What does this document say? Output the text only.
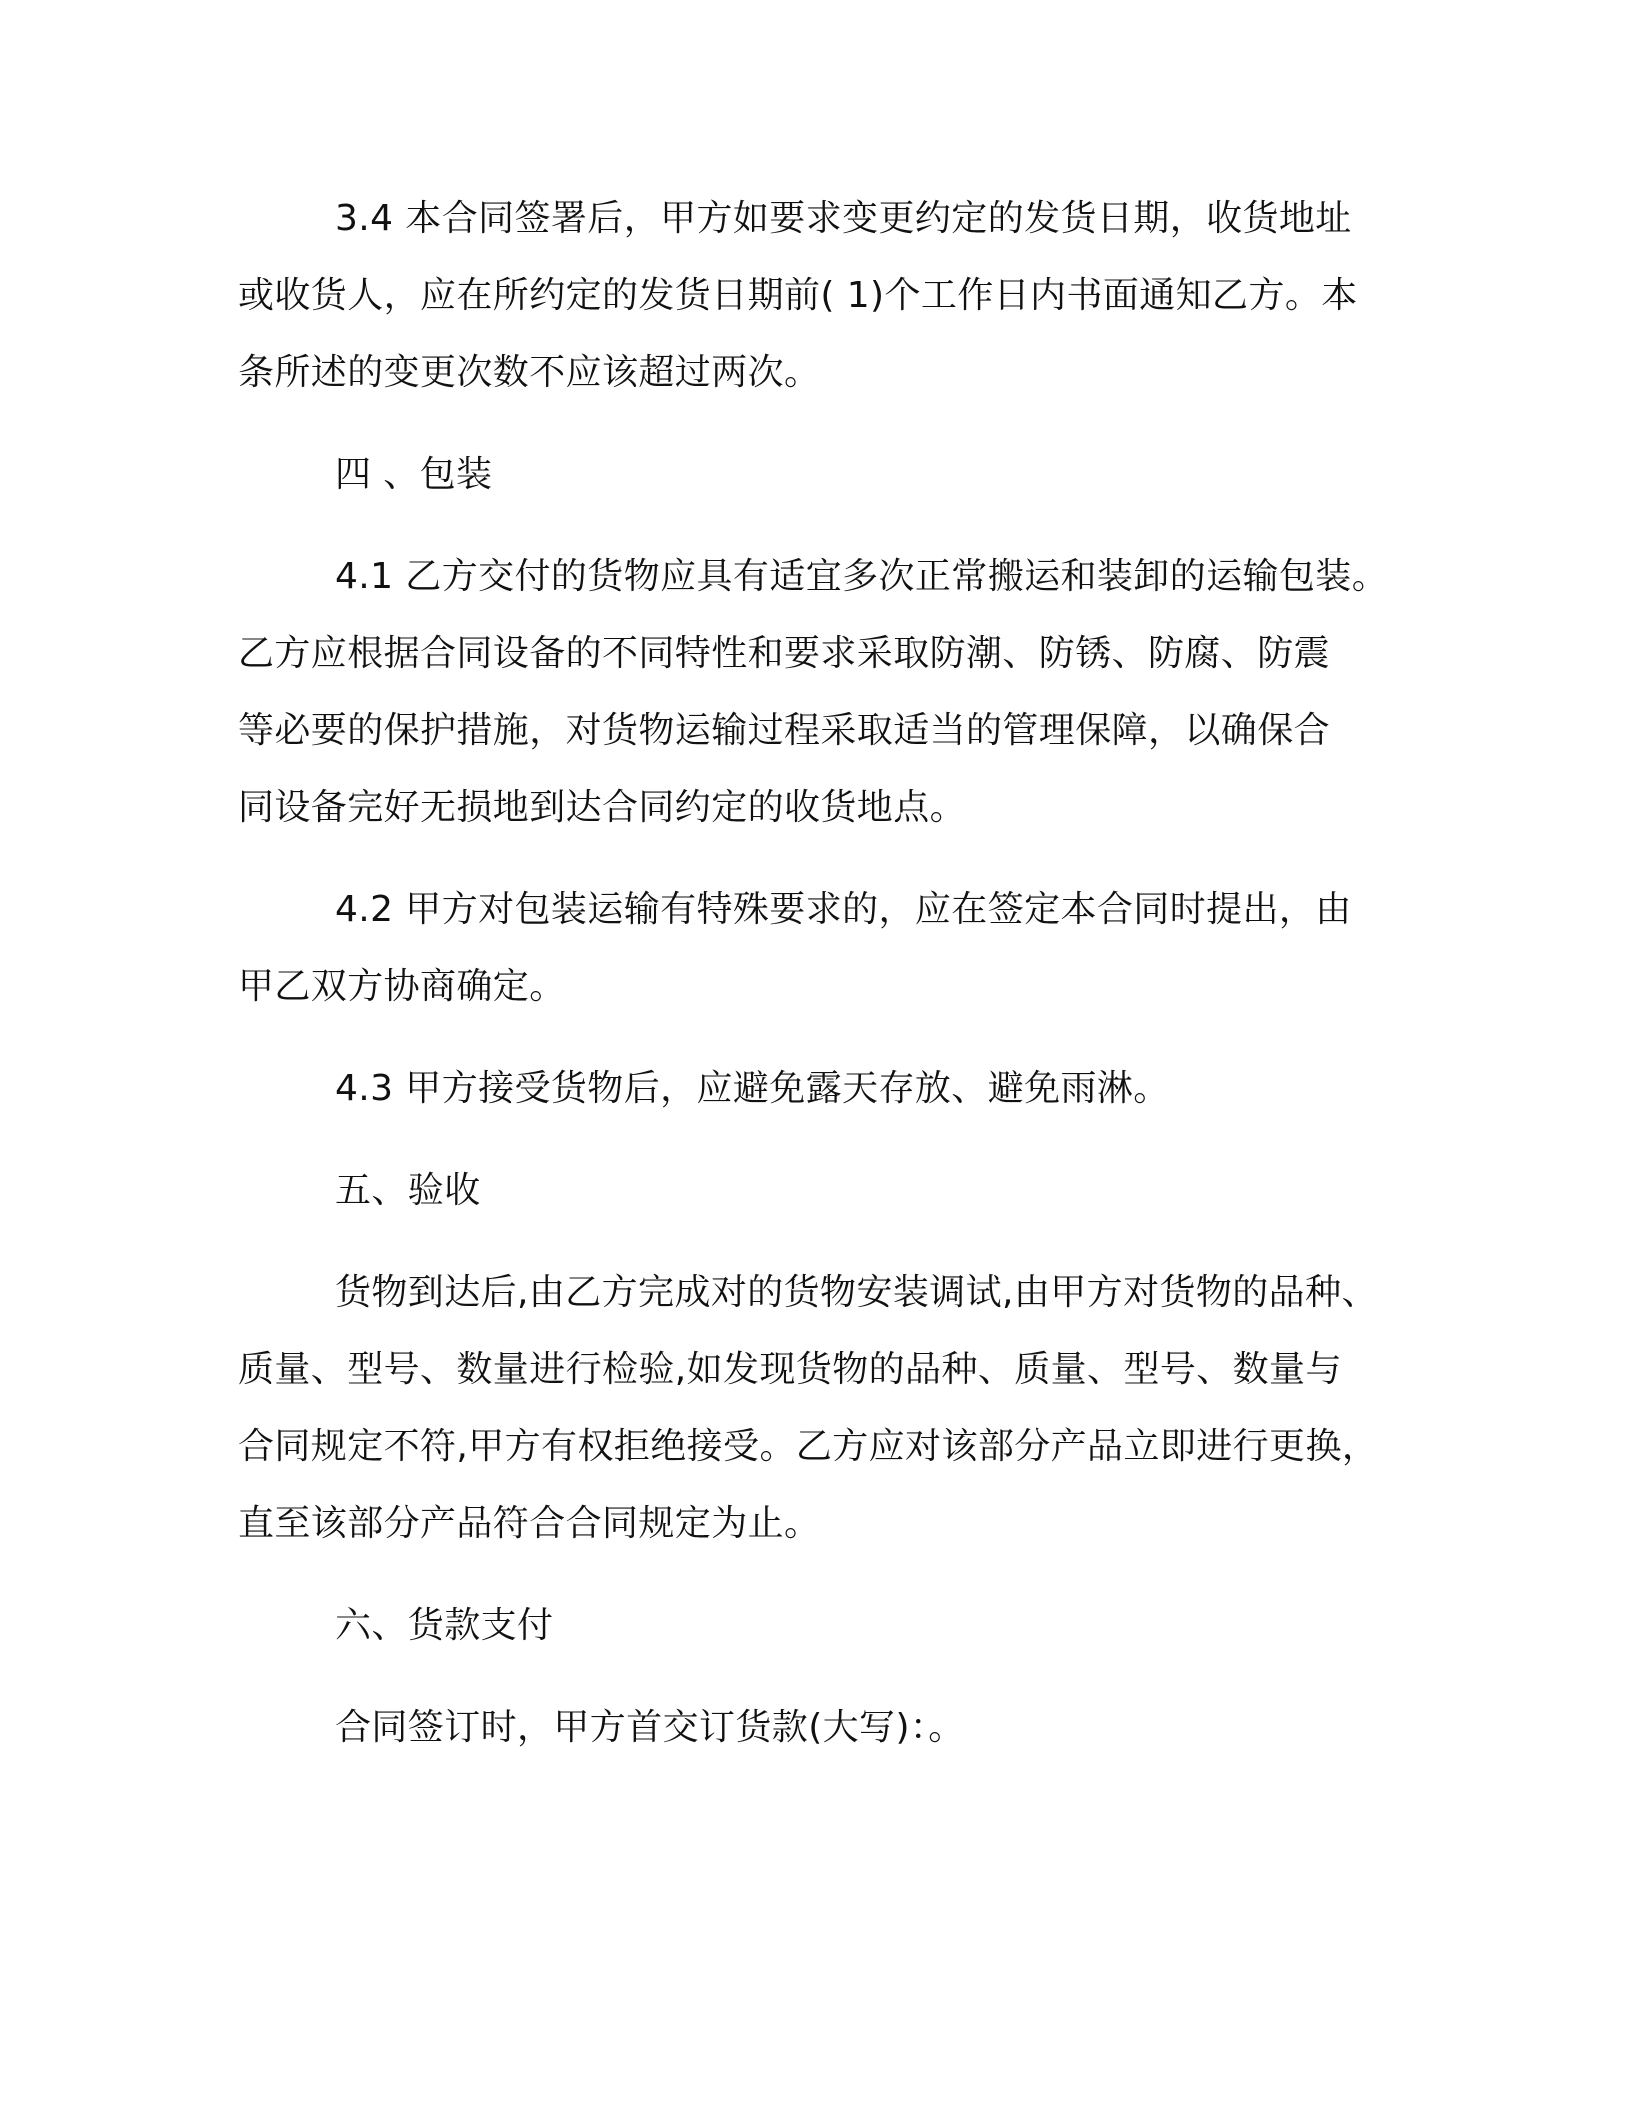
3.4 本合同签署后，甲方如要求变更约定的发货日期，收货地址
或收货人，应在所约定的发货日期前( 1)个工作日内书面通知乙方。本
条所述的变更次数不应该超过两次。
四 、包装
4.1 乙方交付的货物应具有适宜多次正常搬运和装卸的运输包装。
乙方应根据合同设备的不同特性和要求采取防潮、防锈、防腐、防震
等必要的保护措施，对货物运输过程采取适当的管理保障，以确保合
同设备完好无损地到达合同约定的收货地点。
4.2 甲方对包装运输有特殊要求的，应在签定本合同时提出，由
甲乙双方协商确定。
4.3 甲方接受货物后，应避免露天存放、避免雨淋。
五、验收
货物到达后,由乙方完成对的货物安装调试,由甲方对货物的品种、
质量、型号、数量进行检验,如发现货物的品种、质量、型号、数量与
合同规定不符,甲方有权拒绝接受。乙方应对该部分产品立即进行更换，
直至该部分产品符合合同规定为止。
六、货款支付
合同签订时，甲方首交订货款(大写)：。
